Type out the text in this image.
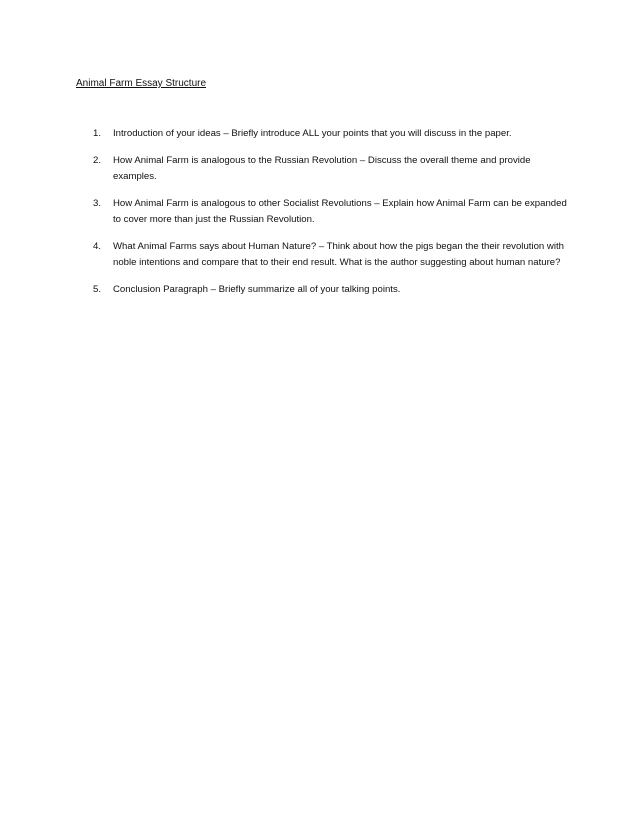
Animal Farm Essay Structure
1.	Introduction of your ideas – Briefly introduce ALL your points that you will discuss in the paper.
2.	How Animal Farm is analogous to the Russian Revolution – Discuss the overall theme and provide examples.
3.	How Animal Farm is analogous to other Socialist Revolutions – Explain how Animal Farm can be expanded to cover more than just the Russian Revolution.
4.	What Animal Farms says about Human Nature? – Think about how the pigs began the their revolution with noble intentions and compare that to their end result. What is the author suggesting about human nature?
5.	Conclusion Paragraph – Briefly summarize all of your talking points.
